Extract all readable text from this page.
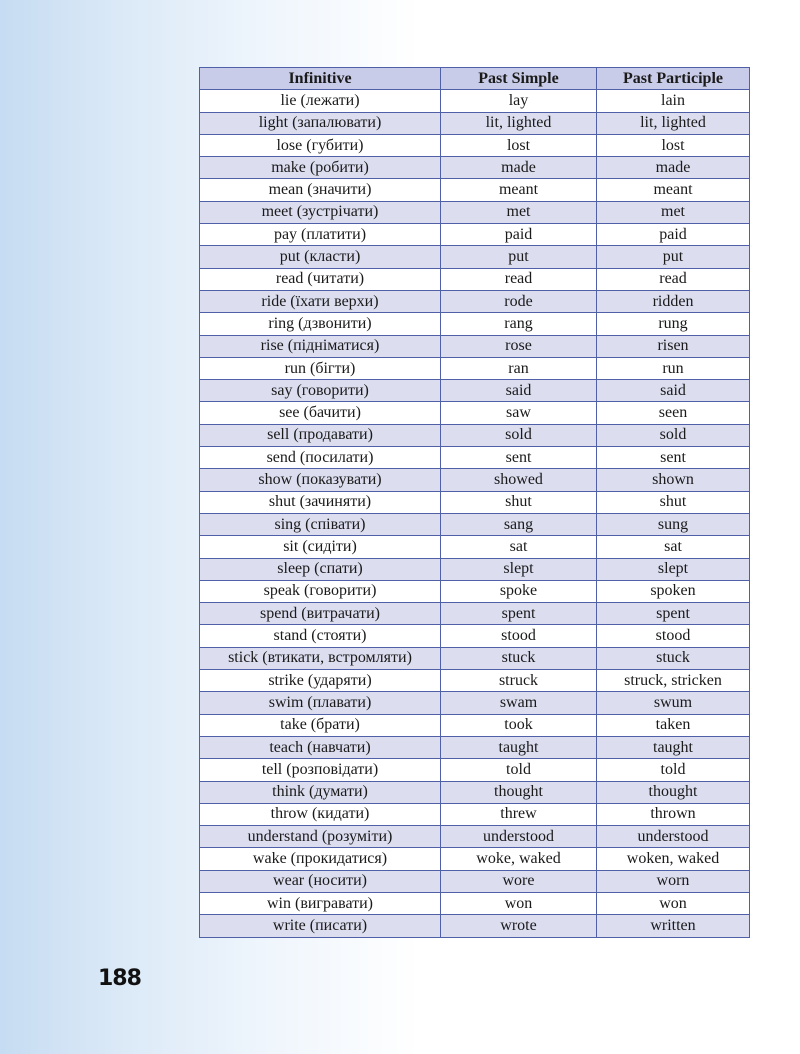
Infinitive	Past Simple	Past Participle
lie (лежати)	lay	lain
light (запалювати)	lit, lighted	lit, lighted
lose (губити)	lost	lost
make (робити)	made	made
mean (значити)	meant	meant
meet (зустрічати)	met	met
pay (платити)	paid	paid
put (класти)	put	put
read (читати)	read	read
ride (їхати верхи)	rode	ridden
ring (дзвонити)	rang	rung
rise (підніматися)	rose	risen
run (бігти)	ran	run
say (говорити)	said	said
see (бачити)	saw	seen
sell (продавати)	sold	sold
send (посилати)	sent	sent
show (показувати)	showed	shown
shut (зачиняти)	shut	shut
sing (співати)	sang	sung
sit (сидіти)	sat	sat
sleep (спати)	slept	slept
speak (говорити)	spoke	spoken
spend (витрачати)	spent	spent
stand (стояти)	stood	stood
stick (втикати, встромляти)	stuck	stuck
strike (ударяти)	struck	struck, stricken
swim (плавати)	swam	swum
take (брати)	took	taken
teach (навчати)	taught	taught
tell (розповідати)	told	told
think (думати)	thought	thought
throw (кидати)	threw	thrown
understand (розуміти)	understood	understood
wake (прокидатися)	woke, waked	woken, waked
wear (носити)	wore	worn
win (вигравати)	won	won
write (писати)	wrote	written
188
